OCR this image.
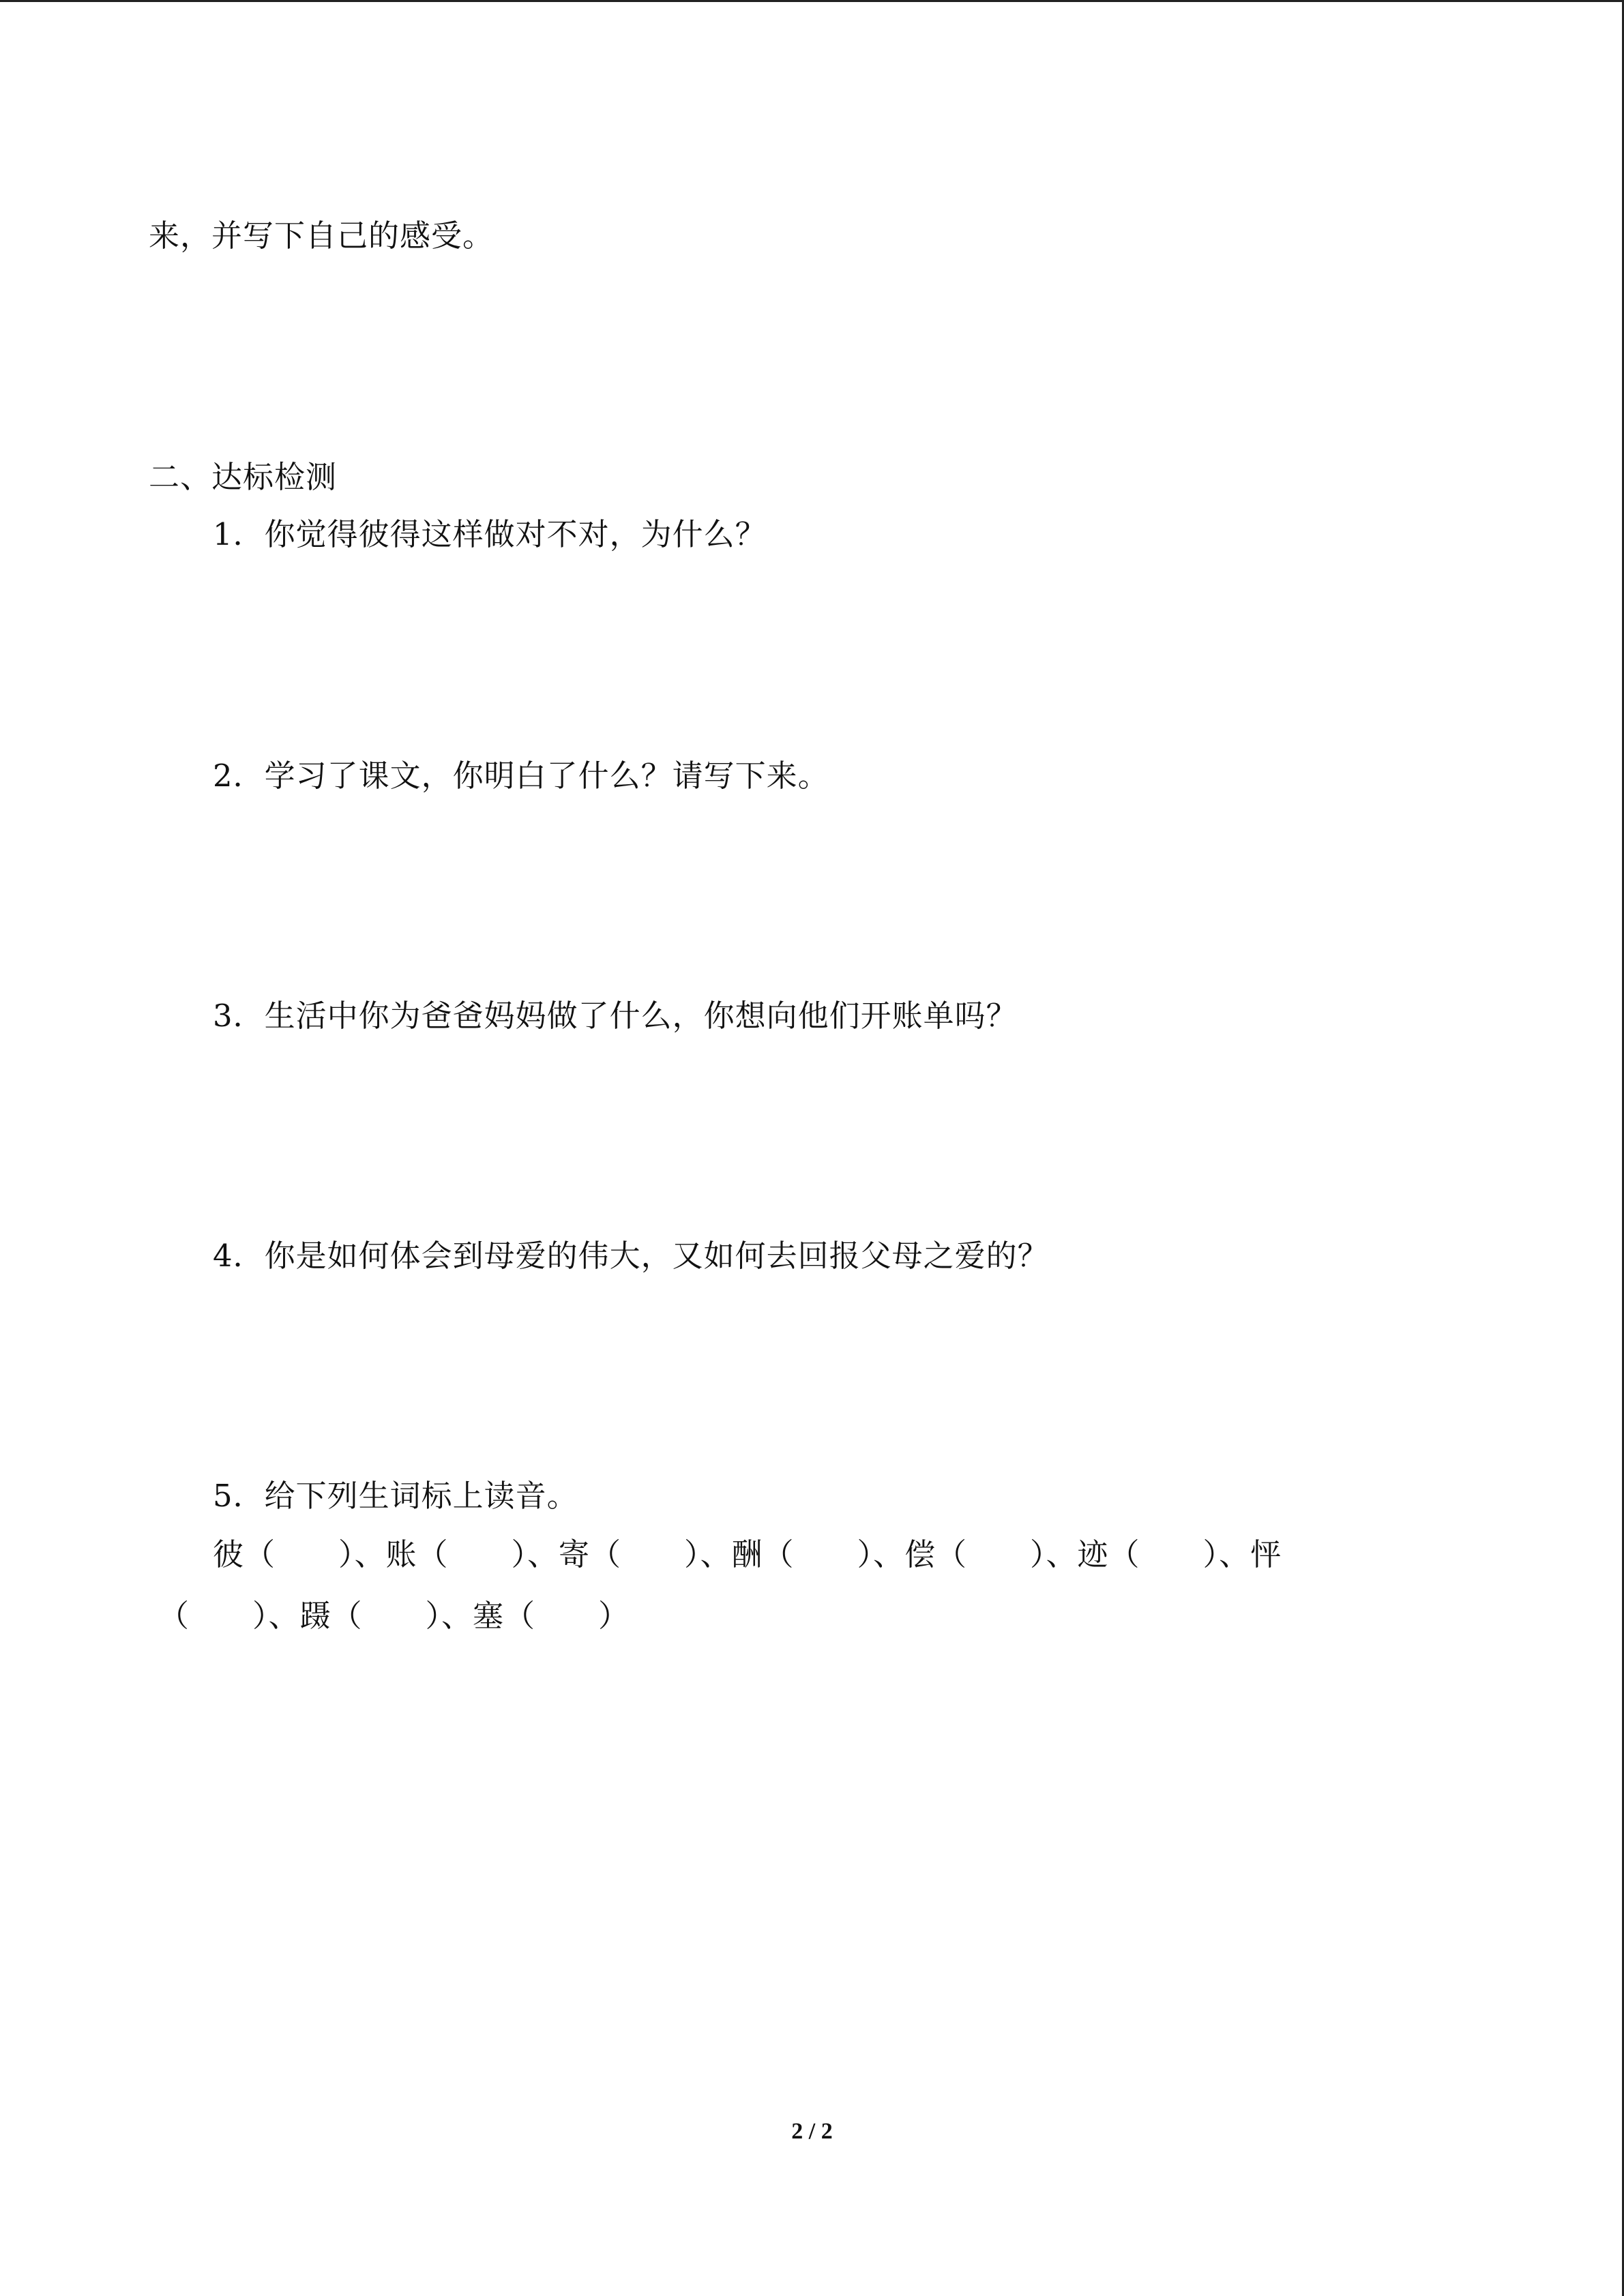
来，并写下自己的感受。
二、达标检测
1．你觉得彼得这样做对不对，为什么？
2．学习了课文，你明白了什么？请写下来。
3．生活中你为爸爸妈妈做了什么，你想向他们开账单吗？
4．你是如何体会到母爱的伟大，又如何去回报父母之爱的？
5．给下列生词标上读音。
彼（　　）、账（　　）、寄（　　）、酬（　　）、偿（　　）、迹（　　）、怦
（　　）、蹑（　　）、塞（　　）
2 / 2
